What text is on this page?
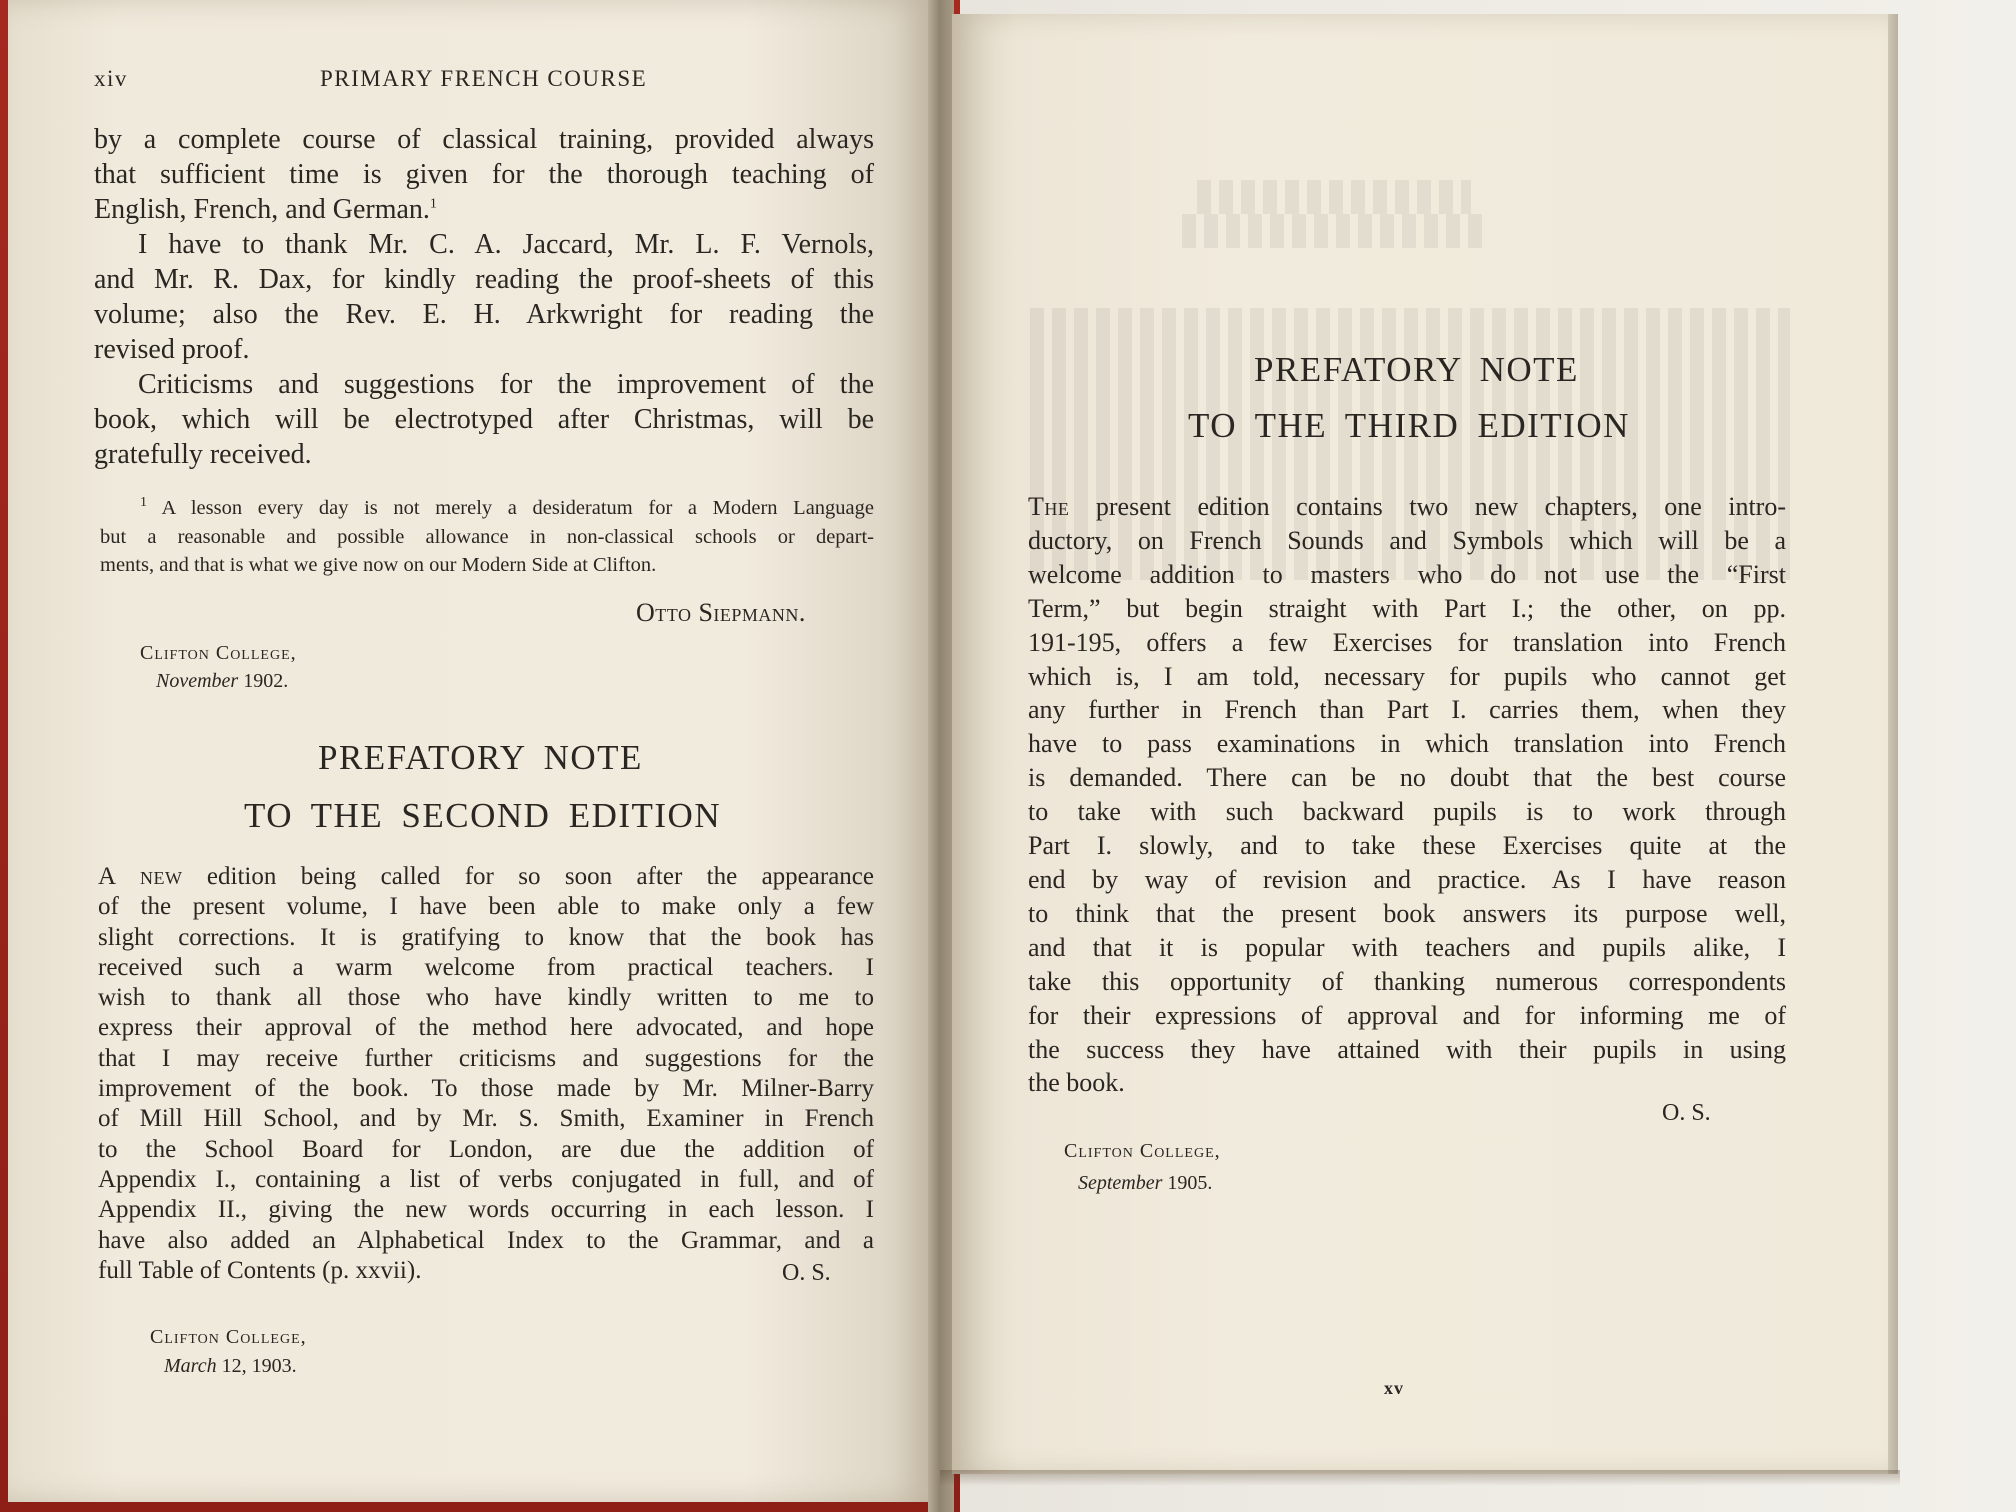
xiv	PRIMARY FRENCH COURSE
by a complete course of classical training, provided always
that sufficient time is given for the thorough teaching of
English, French, and German.$^1$
I have to thank Mr. C. A. Jaccard, Mr. L. F. Vernols,
and Mr. R. Dax, for kindly reading the proof-sheets of this
volume; also the Rev. E. H. Arkwright for reading the
revised proof.
Criticisms and suggestions for the improvement of the
book, which will be electrotyped after Christmas, will be
gratefully received.
$^1$ A lesson every day is not merely a desideratum for a Modern Language
but a reasonable and possible allowance in non-classical schools or depart-
ments, and that is what we give now on our Modern Side at Clifton.
Otto Siepmann.
Clifton College,
November 1902.
PREFATORY NOTE
TO THE SECOND EDITION
A new edition being called for so soon after the appearance
of the present volume, I have been able to make only a few
slight corrections. It is gratifying to know that the book has
received such a warm welcome from practical teachers. I
wish to thank all those who have kindly written to me to
express their approval of the method here advocated, and hope
that I may receive further criticisms and suggestions for the
improvement of the book. To those made by Mr. Milner-Barry
of Mill Hill School, and by Mr. S. Smith, Examiner in French
to the School Board for London, are due the addition of
Appendix I., containing a list of verbs conjugated in full, and of
Appendix II., giving the new words occurring in each lesson. I
have also added an Alphabetical Index to the Grammar, and a
full Table of Contents (p. xxvii).	O. S.
Clifton College,
March 12, 1903.
PREFATORY NOTE
TO THE THIRD EDITION
The present edition contains two new chapters, one intro-
ductory, on French Sounds and Symbols which will be a
welcome addition to masters who do not use the “First
Term,” but begin straight with Part I.; the other, on pp.
191-195, offers a few Exercises for translation into French
which is, I am told, necessary for pupils who cannot get
any further in French than Part I. carries them, when they
have to pass examinations in which translation into French
is demanded. There can be no doubt that the best course
to take with such backward pupils is to work through
Part I. slowly, and to take these Exercises quite at the
end by way of revision and practice. As I have reason
to think that the present book answers its purpose well,
and that it is popular with teachers and pupils alike, I
take this opportunity of thanking numerous correspondents
for their expressions of approval and for informing me of
the success they have attained with their pupils in using
the book.
O. S.
Clifton College,
September 1905.
xv
